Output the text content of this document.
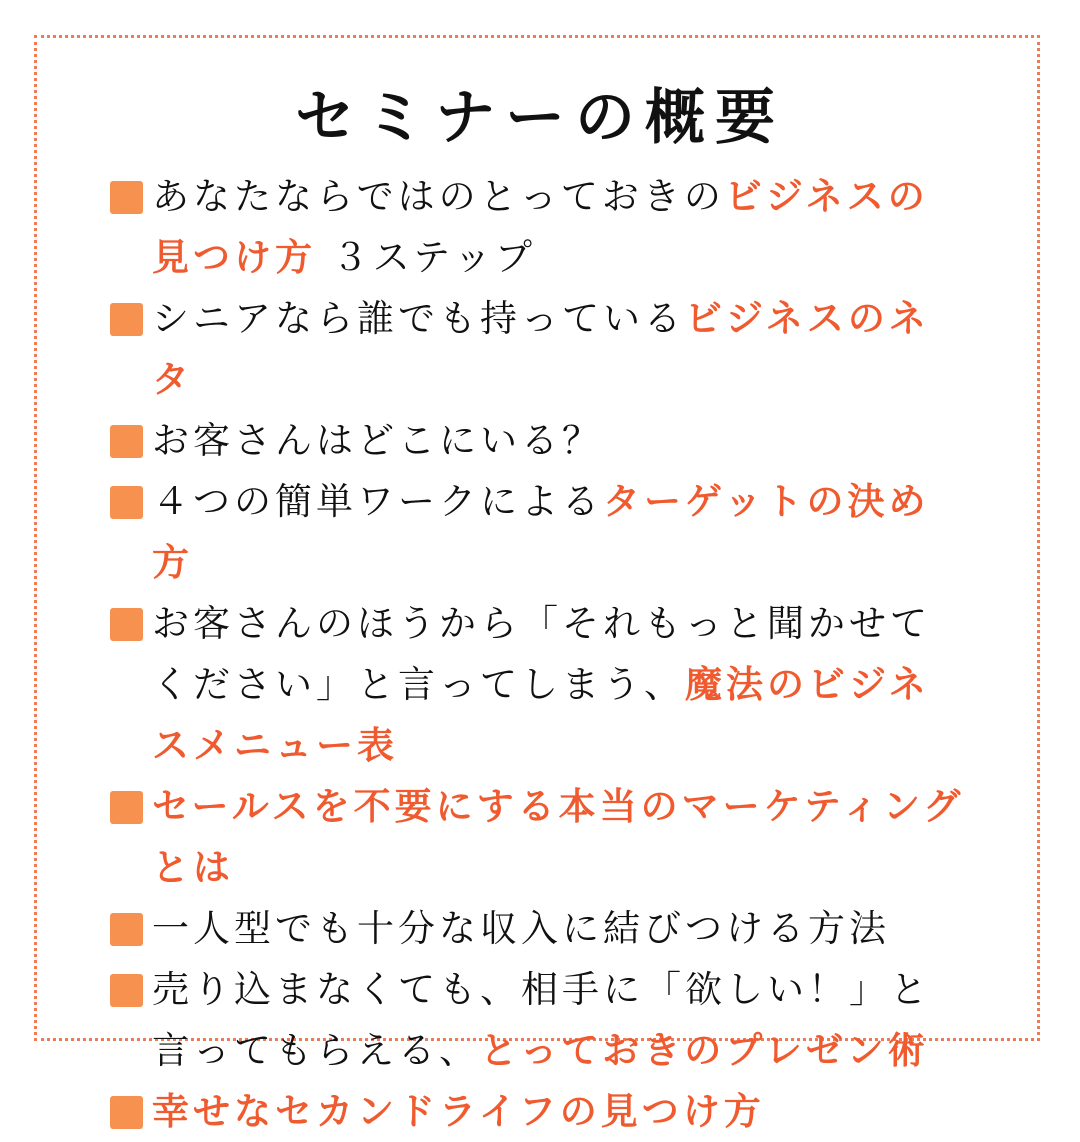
セミナーの概要
あなたならではのとっておきのビジネスの見つけ方 ３ステップ
シニアなら誰でも持っているビジネスのネタ
お客さんはどこにいる？
４つの簡単ワークによるターゲットの決め方
お客さんのほうから「それもっと聞かせてください」と言ってしまう、魔法のビジネスメニュー表
セールスを不要にする本当のマーケティングとは
一人型でも十分な収入に結びつける方法
売り込まなくても、相手に「欲しい！」と言ってもらえる、とっておきのプレゼン術
幸せなセカンドライフの見つけ方
